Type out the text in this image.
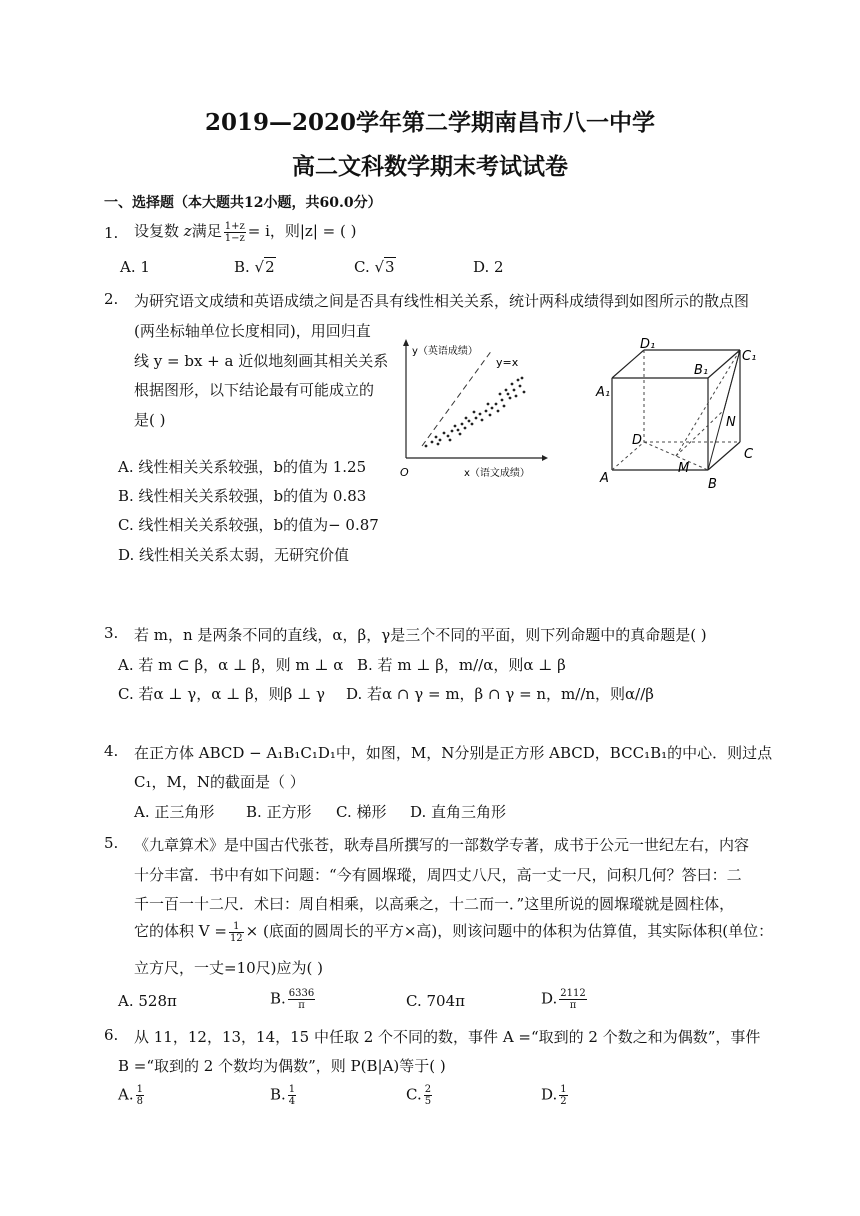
2019—2020学年第二学期南昌市八一中学
高二文科数学期末考试试卷
一、选择题（本大题共12小题，共60.0分）
1. 设复数 z满足 $\frac{1+z}{1-z} = i$，则|z| = ( )
A. 1	B. √2	C. √3	D. 2
2. 为研究语文成绩和英语成绩之间是否具有线性相关关系，统计两科成绩得到如图所示的散点图
(两坐标轴单位长度相同)，用回归直
线 y = bx + a 近似地刻画其相关关系
根据图形，以下结论最有可能成立的
是( )
A. 线性相关关系较强，b的值为 1.25
B. 线性相关关系较强，b的值为 0.83
C. 线性相关关系较强，b的值为− 0.87
D. 线性相关关系太弱，无研究价值
y（英语成绩）
y=x
O	x（语文成绩）
D₁
C₁
A₁
B₁
D
C
A	B
M
N
3. 若 m，n 是两条不同的直线，α，β，γ是三个不同的平面，则下列命题中的真命题是( )
A. 若 m ⊂ β，α ⊥ β，则 m ⊥ α B. 若 m ⊥ β，m//α，则α ⊥ β
C. 若α ⊥ γ，α ⊥ β，则β ⊥ γ D. 若α ∩ γ = m，β ∩ γ = n，m//n，则α//β
4. 在正方体 ABCD − A₁B₁C₁D₁中，如图，M，N分别是正方形 ABCD，BCC₁B₁的中心．则过点
C₁，M，N的截面是（ ）
A. 正三角形 B. 正方形 C. 梯形 D. 直角三角形
5. 《九章算术》是中国古代张苍，耿寿昌所撰写的一部数学专著，成书于公元一世纪左右，内容
十分丰富．书中有如下问题：“今有圆堢瑽，周四丈八尺，高一丈一尺，问积几何？答曰：二
千一百一十二尺．术曰：周自相乘，以高乘之，十二而一．”这里所说的圆堢瑽就是圆柱体，
它的体积 $V = \frac{1}{12}$ × (底面的圆周长的平方×高)，则该问题中的体积为估算值，其实际体积(单位：
立方尺，一丈=10尺)应为( )
A. 528π	B. $\frac{6336}{\pi}$	C. 704π	D. $\frac{2112}{\pi}$
6. 从 11，12，13，14，15 中任取 2 个不同的数，事件 A =“取到的 2 个数之和为偶数”，事件
B =“取到的 2 个数均为偶数”，则 P(B|A)等于( )
A. $\frac{1}{8}$	B. $\frac{1}{4}$	C. $\frac{2}{5}$	D. $\frac{1}{2}$
